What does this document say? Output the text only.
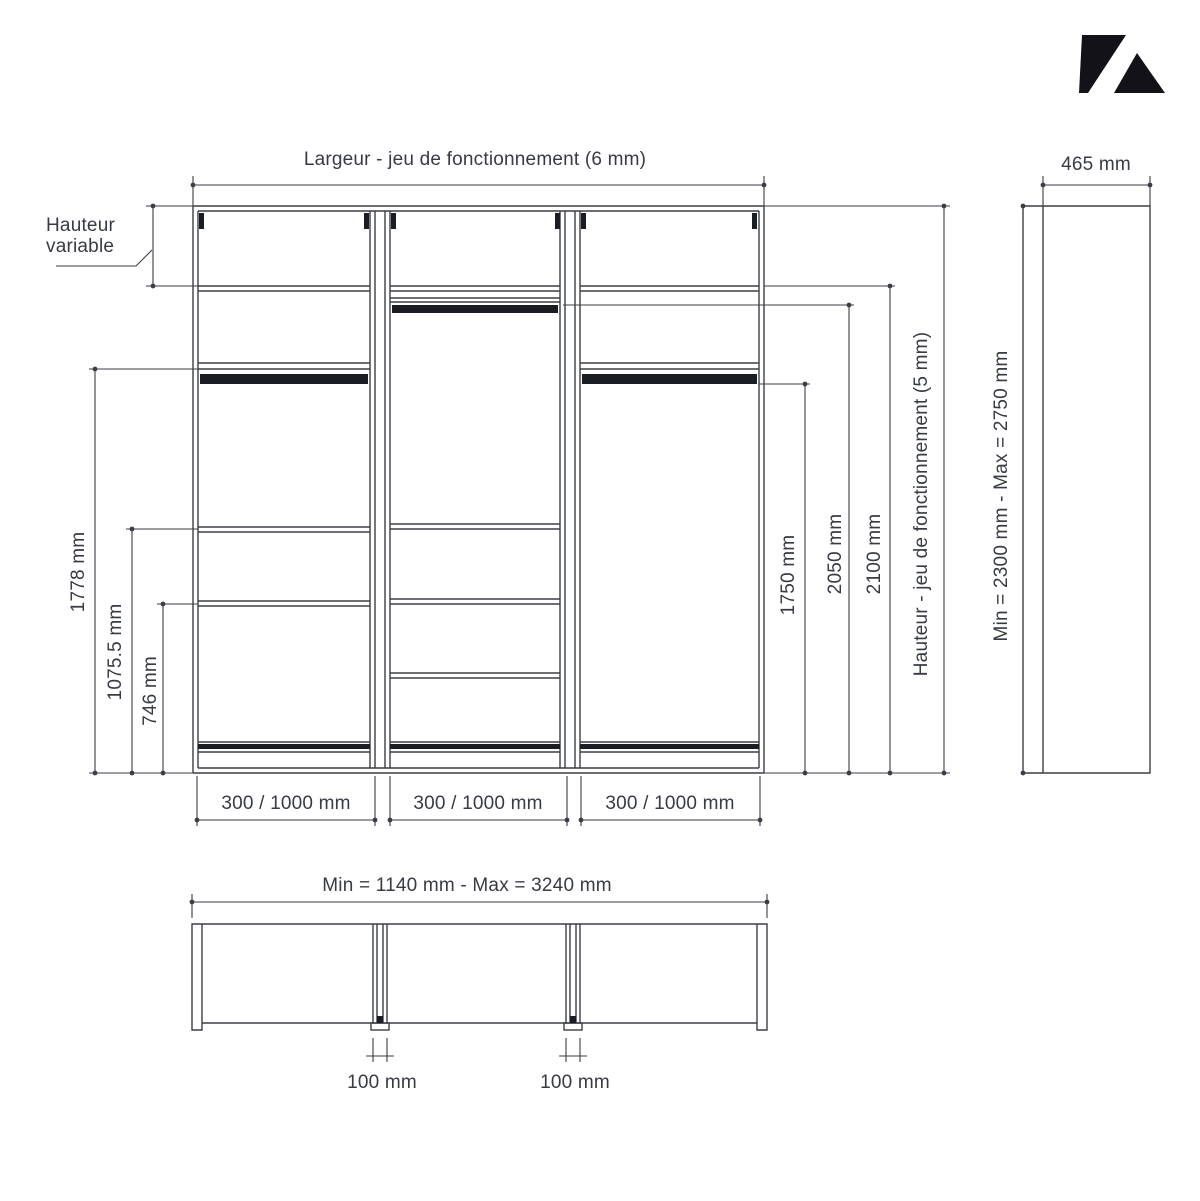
Hauteur
variable
Largeur - jeu de fonctionnement (6 mm)	465 mm
1778 mm
1075.5 mm 746 mm
1750 mm 2050 mm 2100 mm Hauteur - jeu de fonctionnement (5 mm)	Min = 2300 mm - Max = 2750 mm
300 / 1000 mm	300 / 1000 mm	300 / 1000 mm
Min = 1140 mm - Max = 3240 mm
100 mm	100 mm
